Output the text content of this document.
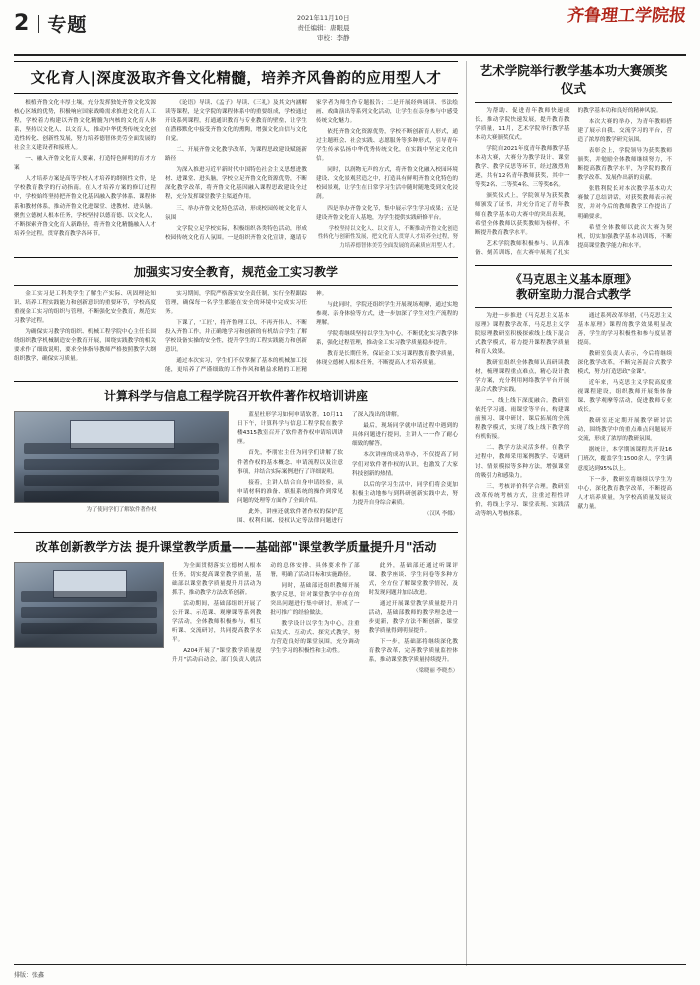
2 专题	2021年11月10日
责任编辑：唐眼晨
审校：李静
齐鲁理工学院报
文化育人|深度汲取齐鲁文化精髓，培养齐风鲁韵的应用型人才

根植齐鲁文化丰厚土壤，充分发挥独处齐鲁文化发源核心区域的优势，积极响应国家战略需求推进文化育人工程，学校着力构建以齐鲁文化精髓为内核的文化育人体系，坚持以文化人、以文育人，推动中华优秀传统文化创造性转化、创新性发展，努力培养德智体美劳全面发展的社会主义建设者和接班人。

一、融入齐鲁文化育人要素，打造特色鲜明的育才方案

人才培养方案是高等学校人才培养的纲领性文件，是学校教育教学的行动指南。在人才培养方案的修订过程中，学校始终坚持把齐鲁文化基因融入教学体系、课程体系和教材体系，推动齐鲁文化进课堂、进教材、进头脑。聚焦立德树人根本任务，学校坚持以德育德、以文化人，不断探索齐鲁文化育人新路径，将齐鲁文化精髓融入人才培养全过程，贯穿教育教学各环节。

《论语》导读、《孟子》导读、《三礼》及其文内涵解读等课程，是文学院的课程体系中的重要组成，学校通过开设系列课程，打通通识教育与专业教育的壁垒，让学生在潜移默化中接受齐鲁文化的熏陶，增强文化自信与文化自觉。

二、开展齐鲁文化教学改革，为课程思政建设赋能新路径

为深入推进习近平新时代中国特色社会主义思想进教材、进课堂、进头脑，学校立足齐鲁文化资源优势，不断深化教学改革，将齐鲁文化基因融入课程思政建设全过程，充分发挥课堂教学主渠道作用。

三、举办齐鲁文化特色活动，形成校园传统文化育人氛围

文学院立足学校实际，积极组织各类特色活动，形成校园传统文化育人氛围。一是组织齐鲁文化宣讲，邀请专家学者为师生作专题报告；二是开展经典诵读、书法绘画、戏曲演出等系列文化活动，让学生在亲身参与中感受传统文化魅力。

依托齐鲁文化资源优势，学校不断创新育人形式，通过主题班会、社会实践、志愿服务等多种形式，引导青年学生传承弘扬中华优秀传统文化，在实践中坚定文化自信。

同时，以润物无声的方式，将齐鲁文化融入校园环境建设、文化景观营造之中，打造具有鲜明齐鲁文化特色的校园景观，让学生在日常学习生活中随时随地受到文化浸润。

四是举办齐鲁文化节，集中展示学生学习成果；五是建设齐鲁文化育人基地，为学生提供实践研修平台。

学校坚持以文化人、以文育人，不断推动齐鲁文化创造性转化与创新性发展，把文化育人贯穿人才培养全过程，努力培养德智体美劳全面发展的高素质应用型人才。

加强实习安全教育，规范金工实习教学

金工实习是工科类学生了解生产实际、巩固理论知识、培养工程实践能力和创新意识的重要环节，学校高度重视金工实习的组织与管理，不断强化安全教育，规范实习教学过程。

为确保实习教学的组织、机械工程学院中心主任长围绕组织教学机械制造安全教育开展，围绕实践教学的相关要求作了细致说明，要求全体指导教师严格按照教学大纲组织教学，确保实习质量。

实习期间，学院严格落实安全责任制，实行全程跟踪管理，确保每一名学生都能在安全的环境中完成实习任务。

下课了，'工匠'，将齐鲁理工以、不再齐伟人、不断投入齐鲁工作，并正确地学习和创新的有机结合学生了解学校设备实操的安全性，提升学生的工程实践能力和创新意识。

通过本次实习，学生们不仅掌握了基本的机械加工技能，更培养了严谨细致的工作作风和精益求精的工匠精神。

与此同时，学院还组织学生开展现场观摩，通过实地参观、亲身体验等方式，进一步加深了学生对生产流程的理解。

学院将继续坚持以学生为中心，不断优化实习教学体系，强化过程管理，推动金工实习教学质量稳步提升。

教育是长期任务，保证金工实习课程教育教学质量，体现立德树人根本任务，不断提高人才培养质量。

计算科学与信息工程学院召开软件著作权培训讲座
为了使同学们了解软件著作权

蓝星杜形学习如何申请软著。10月11日下午，计算科学与信息工程学院在教学楼4315教室召开了软件著作权申请培训讲座。

首先，李朋宏主任为同学们讲解了软件著作权的基本概念、申请流程以及注意事项，并结合实际案例进行了详细说明。

接着，主讲人结合自身申请经验，从申请材料的准备、填报系统的操作到常见问题的处理等方面作了全面介绍。

此外，讲座还就软件著作权的保护范围、权利归属、侵权认定等法律问题进行了深入浅出的讲解。

最后，现场同学就申请过程中遇到的具体问题进行提问，主讲人一一作了耐心细致的解答。

本次讲座的成功举办，不仅提高了同学们对软件著作权的认识，也激发了大家科技创新的热情。

以后的学习生活中，同学们将会更加积极主动地参与到科研创新实践中去，努力提升自身综合素质。

（汉风 李娜）

改革创新教学方法 提升课堂教学质量——基础部"课堂教学质量提升月"活动

为全面贯彻落实立德树人根本任务，切实提高课堂教学质量，基础部以课堂教学质量提升月活动为抓手，推动教学方法改革创新。

活动期间，基础部组织开展了公开课、示范课、观摩课等系列教学活动，全体教师积极参与，相互听课、交流研讨，共同提高教学水平。

A204开展了"课堂教学质量提升月"活动启动会，部门负责人就活动的总体安排、具体要求作了部署，明确了活动目标和实施路径。

同时，基础部还组织教师开展教学反思，针对课堂教学中存在的突出问题进行集中研讨，形成了一批可推广的经验做法。

教学设计以学生为中心，注重启发式、互动式、探究式教学，努力营造良好的课堂氛围，充分调动学生学习的积极性和主动性。

此外，基础部还通过听课评课、教学座谈、学生问卷等多种方式，全方位了解课堂教学情况，及时发现问题并加以改进。

通过开展课堂教学质量提升月活动，基础部教师的教学理念进一步更新，教学方法不断创新，课堂教学质量得到明显提升。

下一步，基础部将继续深化教育教学改革，完善教学质量监控体系，推动课堂教学质量持续提升。

（梁晓丽 李晓杰）

艺术学院举行教学基本功大赛颁奖仪式

为帮助、促进青年教师快速成长，推动学院快速发展，提升教育教学质量，11月，艺术学院举行教学基本功大赛颁奖仪式。

学院自2021年度青年教师教学基本功大赛，大赛分为教学设计、课堂教学、教学反思等环节，经过激烈角逐，共有12名青年教师获奖，其中一等奖2名、二等奖4名、三等奖6名。

颁奖仪式上，学院领导为获奖教师颁发了证书，并充分肯定了青年教师在教学基本功大赛中的突出表现，希望全体教师以获奖教师为榜样，不断提升教育教学水平。

艺术学院教师积极参与、认真准备、刻苦训练，在大赛中展现了扎实的教学基本功和良好的精神风貌。

本次大赛的举办，为青年教师搭建了展示自我、交流学习的平台，营造了浓厚的教学研究氛围。

表彰会上，学院领导为获奖教师颁奖，并勉励全体教师继续努力，不断提高教育教学水平，为学院的教育教学改革、发展作出新的贡献。

张胜利院长对本次教学基本功大赛做了总结讲话，对获奖教师表示祝贺，并对今后的教师教学工作提出了明确要求。

希望全体教师以此次大赛为契机，切实加强教学基本功训练，不断提高课堂教学能力和水平。

《马克思主义基本原理》
教研室助力混合式教学

为进一步推进《马克思主义基本原理》课程教学改革，马克思主义学院原理教研室积极探索线上线下混合式教学模式，着力提升课程教学质量和育人效果。

教研室组织全体教师认真研读教材，梳理课程重点难点，精心设计教学方案，充分利用网络教学平台开展混合式教学实践。

一、线上线下深度融合。教研室依托学习通、雨课堂等平台，构建课前预习、课中研讨、课后拓展的全流程教学模式，实现了线上线下教学的有机衔接。

二、教学方法灵活多样。在教学过程中，教师采用案例教学、专题研讨、情景模拟等多种方法，增强课堂的吸引力和感染力。

三、考核评价科学合理。教研室改革传统考核方式，注重过程性评价，将线上学习、课堂表现、实践活动等纳入考核体系。

通过系列改革举措，《马克思主义基本原理》课程的教学效果明显改善，学生的学习积极性和参与度显著提高。

教研室负责人表示，今后将继续深化教学改革，不断完善混合式教学模式，努力打造思政"金课"。

近年来，马克思主义学院高度重视课程建设，组织教师开展集体备课、教学观摩等活动，促进教师专业成长。

教研室还定期开展教学研讨活动，围绕教学中的重点难点问题展开交流，形成了浓厚的教研氛围。

据统计，本学期该课程共开设16门班次，覆盖学生1500余人，学生满意度达到95%以上。

下一步，教研室将继续以学生为中心，深化教育教学改革，不断提高人才培养质量，为学校高质量发展贡献力量。

排版：张鑫
